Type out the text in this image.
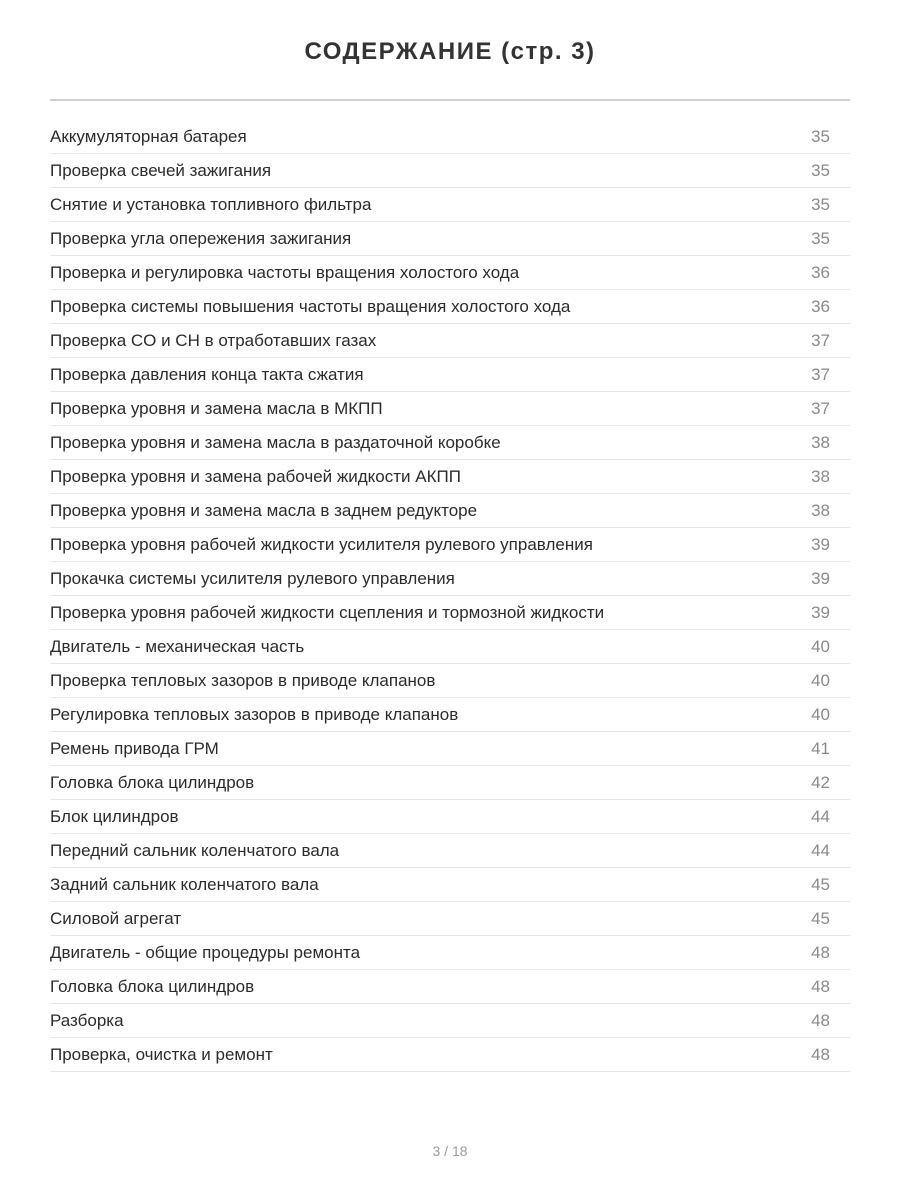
СОДЕРЖАНИЕ (стр. 3)
Аккумуляторная батарея	35
Проверка свечей зажигания	35
Снятие и установка топливного фильтра	35
Проверка угла опережения зажигания	35
Проверка и регулировка частоты вращения холостого хода	36
Проверка системы повышения частоты вращения холостого хода	36
Проверка CO и CH в отработавших газах	37
Проверка давления конца такта сжатия	37
Проверка уровня и замена масла в МКПП	37
Проверка уровня и замена масла в раздаточной коробке	38
Проверка уровня и замена рабочей жидкости АКПП	38
Проверка уровня и замена масла в заднем редукторе	38
Проверка уровня рабочей жидкости усилителя рулевого управления	39
Прокачка системы усилителя рулевого управления	39
Проверка уровня рабочей жидкости сцепления и тормозной жидкости	39
Двигатель - механическая часть	40
Проверка тепловых зазоров в приводе клапанов	40
Регулировка тепловых зазоров в приводе клапанов	40
Ремень привода ГРМ	41
Головка блока цилиндров	42
Блок цилиндров	44
Передний сальник коленчатого вала	44
Задний сальник коленчатого вала	45
Силовой агрегат	45
Двигатель - общие процедуры ремонта	48
Головка блока цилиндров	48
Разборка	48
Проверка, очистка и ремонт	48
3 / 18
